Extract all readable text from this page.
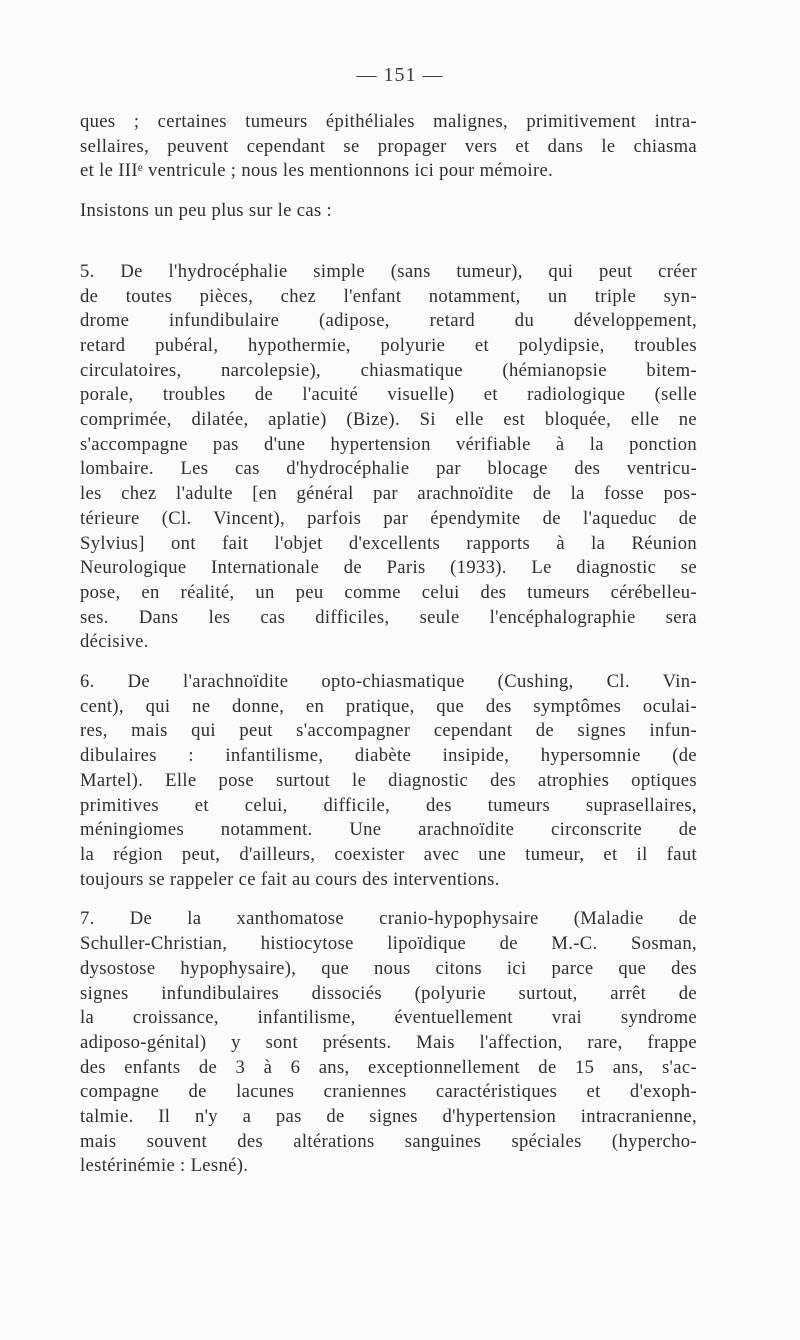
— 151 —

ques ; certaines tumeurs épithéliales malignes, primitivement intra-
sellaires, peuvent cependant se propager vers et dans le chiasma
et le IIIᵉ ventricule ; nous les mentionnons ici pour mémoire.

Insistons un peu plus sur le cas :

5. De l'hydrocéphalie simple (sans tumeur), qui peut créer
de toutes pièces, chez l'enfant notamment, un triple syn-
drome infundibulaire (adipose, retard du développement,
retard pubéral, hypothermie, polyurie et polydipsie, troubles
circulatoires, narcolepsie), chiasmatique (hémianopsie bitem-
porale, troubles de l'acuité visuelle) et radiologique (selle
comprimée, dilatée, aplatie) (Bize). Si elle est bloquée, elle ne
s'accompagne pas d'une hypertension vérifiable à la ponction
lombaire. Les cas d'hydrocéphalie par blocage des ventricu-
les chez l'adulte [en général par arachnoïdite de la fosse pos-
térieure (Cl. Vincent), parfois par épendymite de l'aqueduc de
Sylvius] ont fait l'objet d'excellents rapports à la Réunion
Neurologique Internationale de Paris (1933). Le diagnostic se
pose, en réalité, un peu comme celui des tumeurs cérébelleu-
ses. Dans les cas difficiles, seule l'encéphalographie sera
décisive.

6. De l'arachnoïdite opto-chiasmatique (Cushing, Cl. Vin-
cent), qui ne donne, en pratique, que des symptômes oculai-
res, mais qui peut s'accompagner cependant de signes infun-
dibulaires : infantilisme, diabète insipide, hypersomnie (de
Martel). Elle pose surtout le diagnostic des atrophies optiques
primitives et celui, difficile, des tumeurs suprasellaires,
méningiomes notamment. Une arachnoïdite circonscrite de
la région peut, d'ailleurs, coexister avec une tumeur, et il faut
toujours se rappeler ce fait au cours des interventions.

7. De la xanthomatose cranio-hypophysaire (Maladie de
Schuller-Christian, histiocytose lipoïdique de M.-C. Sosman,
dysostose hypophysaire), que nous citons ici parce que des
signes infundibulaires dissociés (polyurie surtout, arrêt de
la croissance, infantilisme, éventuellement vrai syndrome
adiposo-génital) y sont présents. Mais l'affection, rare, frappe
des enfants de 3 à 6 ans, exceptionnellement de 15 ans, s'ac-
compagne de lacunes craniennes caractéristiques et d'exoph-
talmie. Il n'y a pas de signes d'hypertension intracranienne,
mais souvent des altérations sanguines spéciales (hypercho-
lestérinémie : Lesné).
